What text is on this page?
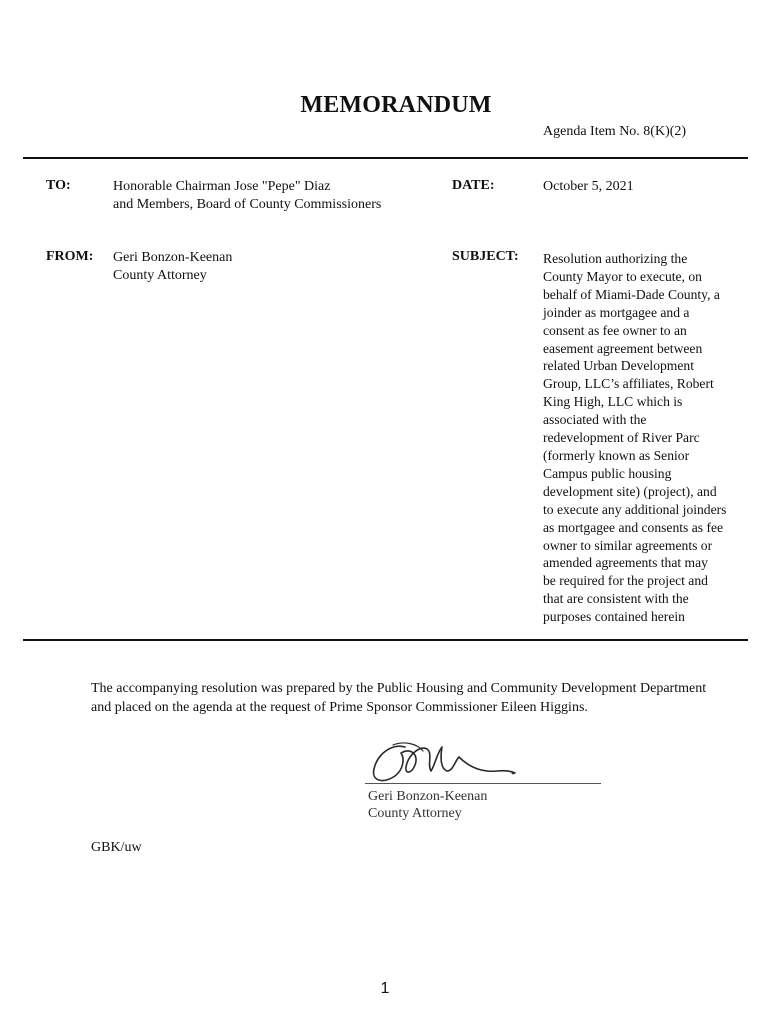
MEMORANDUM
Agenda Item No. 8(K)(2)
TO:	Honorable Chairman Jose "Pepe" Diaz
and Members, Board of County Commissioners
DATE:	October 5, 2021
FROM: Geri Bonzon-Keenan
County Attorney
SUBJECT: Resolution authorizing the
County Mayor to execute, on
behalf of Miami-Dade County, a
joinder as mortgagee and a
consent as fee owner to an
easement agreement between
related Urban Development
Group, LLC’s affiliates, Robert
King High, LLC which is
associated with the
redevelopment of River Parc
(formerly known as Senior
Campus public housing
development site) (project), and
to execute any additional joinders
as mortgagee and consents as fee
owner to similar agreements or
amended agreements that may
be required for the project and
that are consistent with the
purposes contained herein
The accompanying resolution was prepared by the Public Housing and Community Development Department and placed on the agenda at the request of Prime Sponsor Commissioner Eileen Higgins.
Geri Bonzon-Keenan
County Attorney
GBK/uw
1
